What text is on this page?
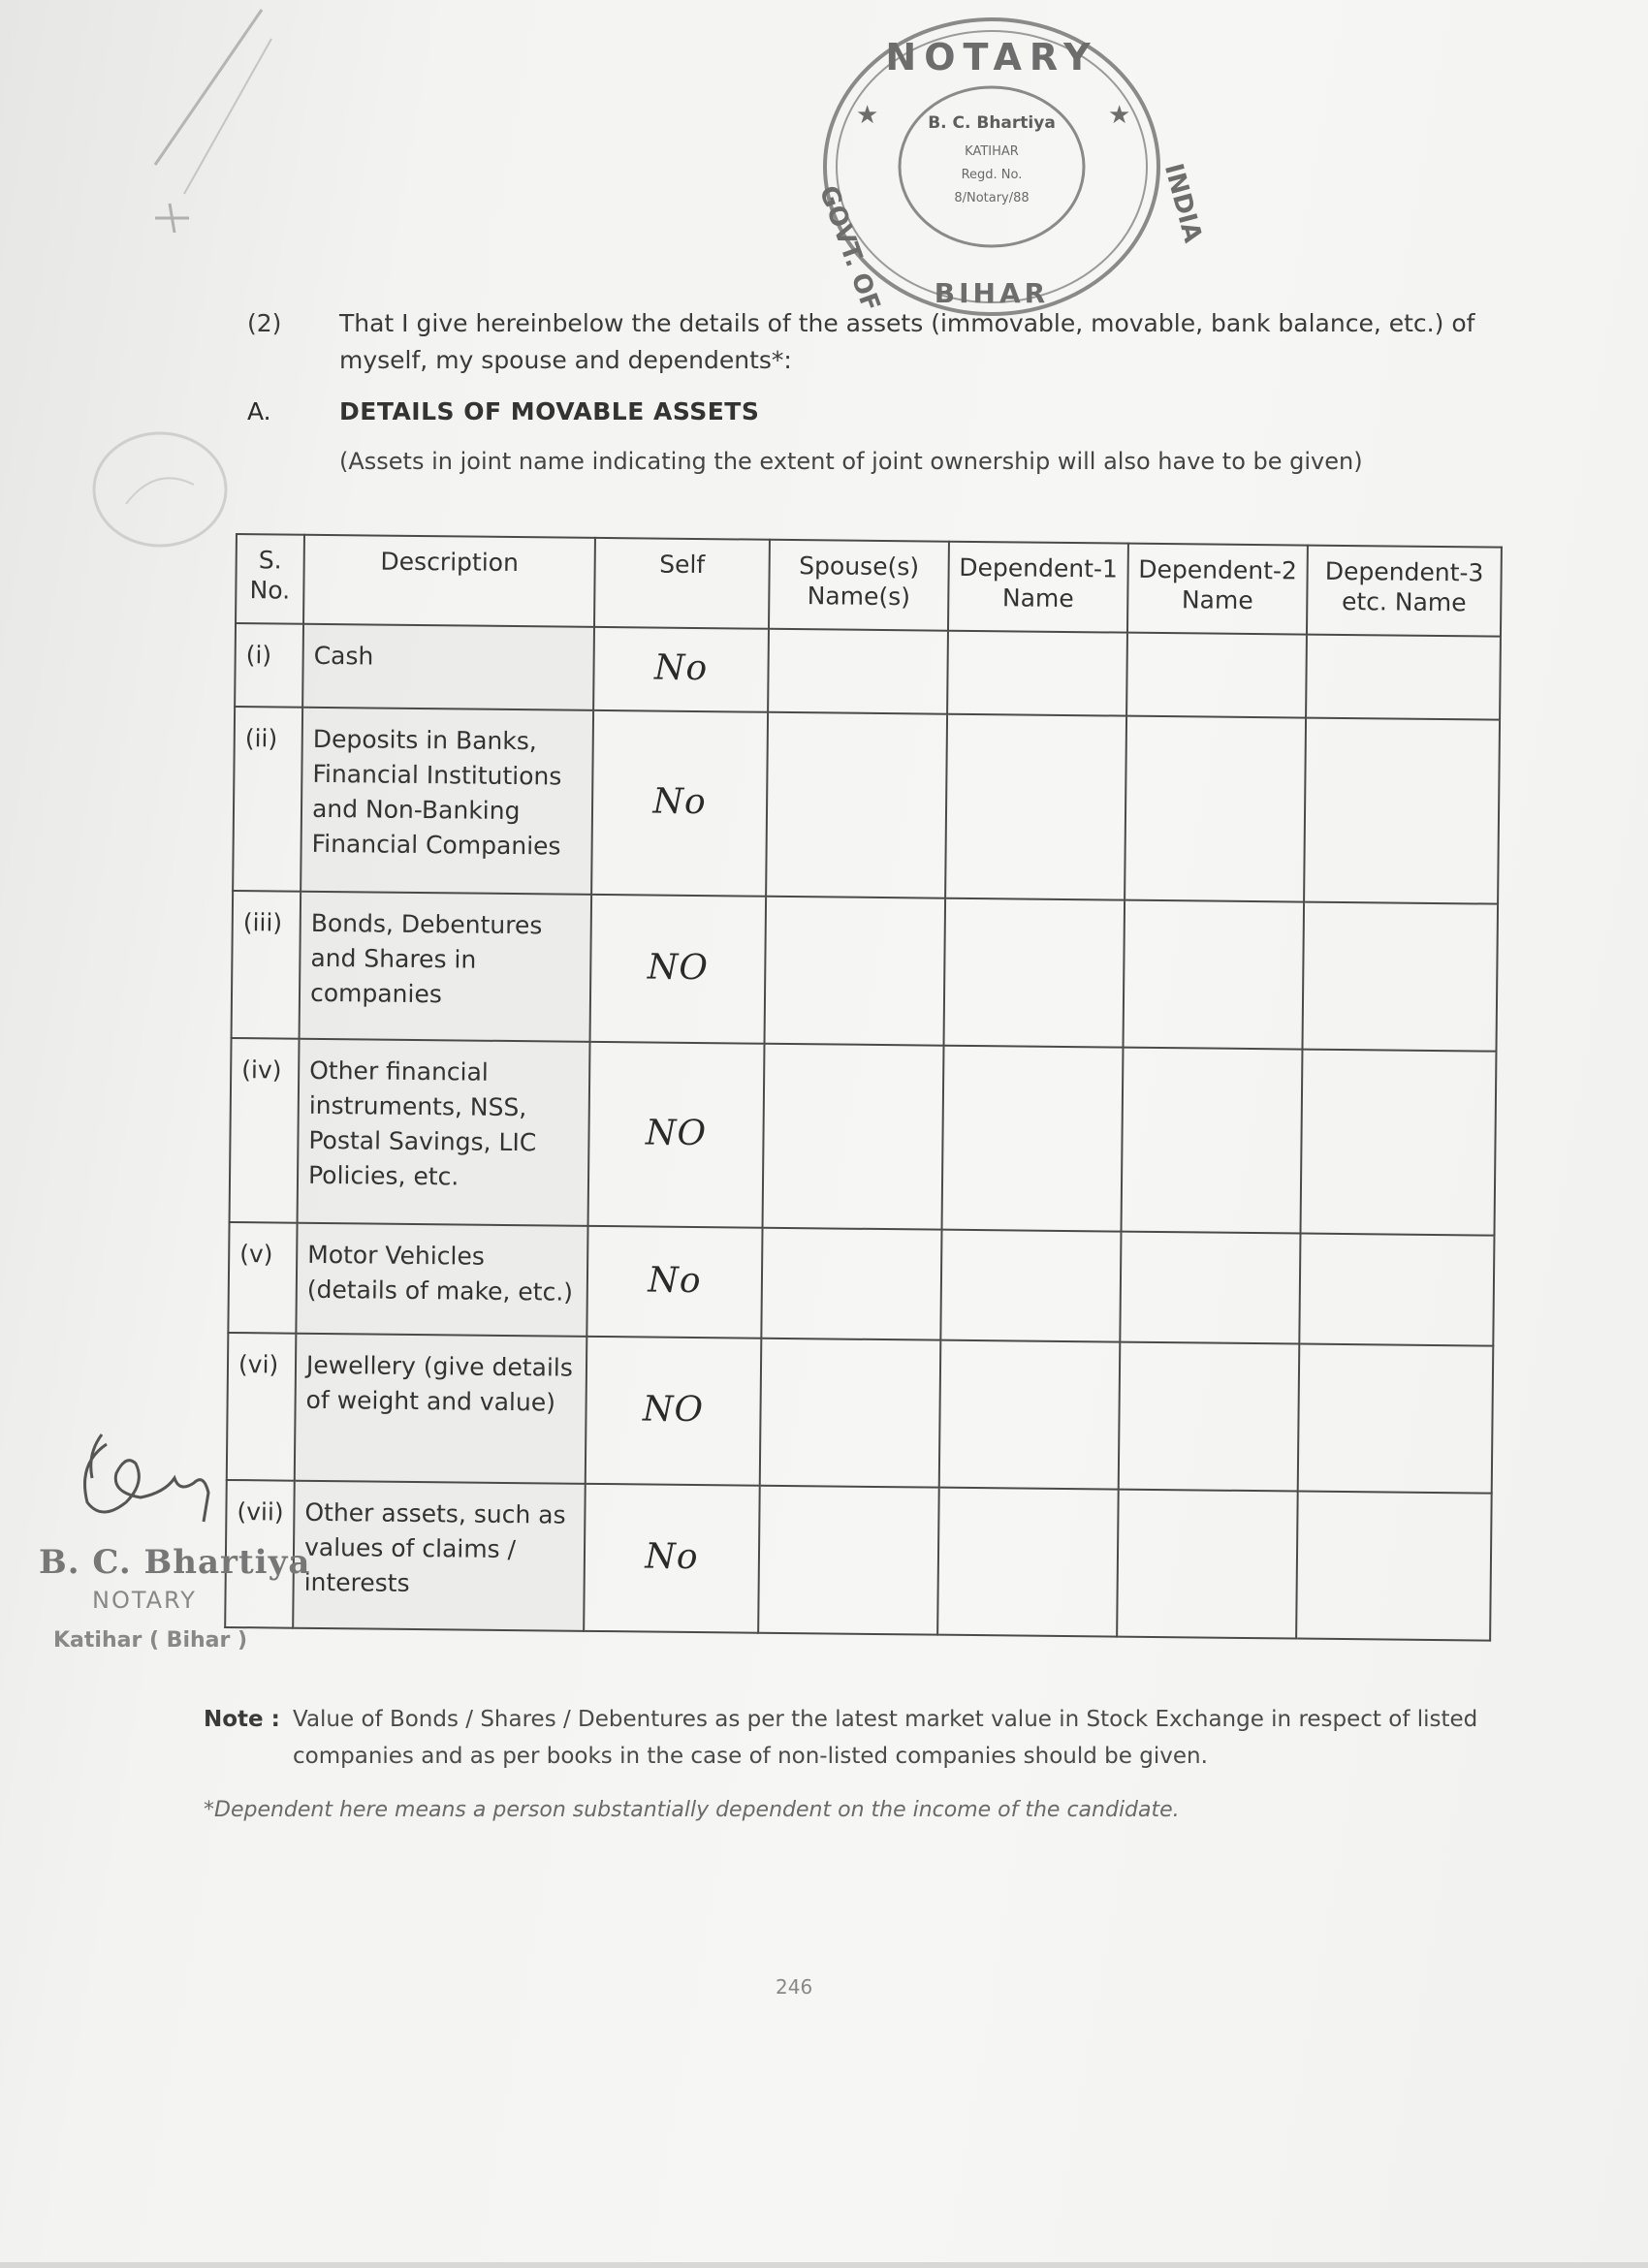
NOTARY
GOVT. OF BIHAR
INDIA
★	★
B. C. Bhartiya
KATIHAR
Regd. No.
8/Notary/88
(2) That I give hereinbelow the details of the assets (immovable, movable, bank balance, etc.) of myself, my spouse and dependents*:
A.	DETAILS OF MOVABLE ASSETS
(Assets in joint name indicating the extent of joint ownership will also have to be given)
S. No.	Description	Self	Spouse(s) Name(s)	Dependent-1 Name	Dependent-2 Name	Dependent-3 etc. Name
(i)	Cash	No				
(ii)	Deposits in Banks, Financial Institutions and Non-Banking Financial Companies	No				
(iii)	Bonds, Debentures and Shares in companies	NO				
(iv)	Other financial instruments, NSS, Postal Savings, LIC Policies, etc.	NO				
(v)	Motor Vehicles (details of make, etc.)	No				
(vi)	Jewellery (give details of weight and value)	NO				
(vii)	Other assets, such as values of claims / interests	No				
B. C. Bhartiya
NOTARY
Katihar ( Bihar )
Note : Value of Bonds / Shares / Debentures as per the latest market value in Stock Exchange in respect of listed companies and as per books in the case of non-listed companies should be given.
*Dependent here means a person substantially dependent on the income of the candidate.
246
